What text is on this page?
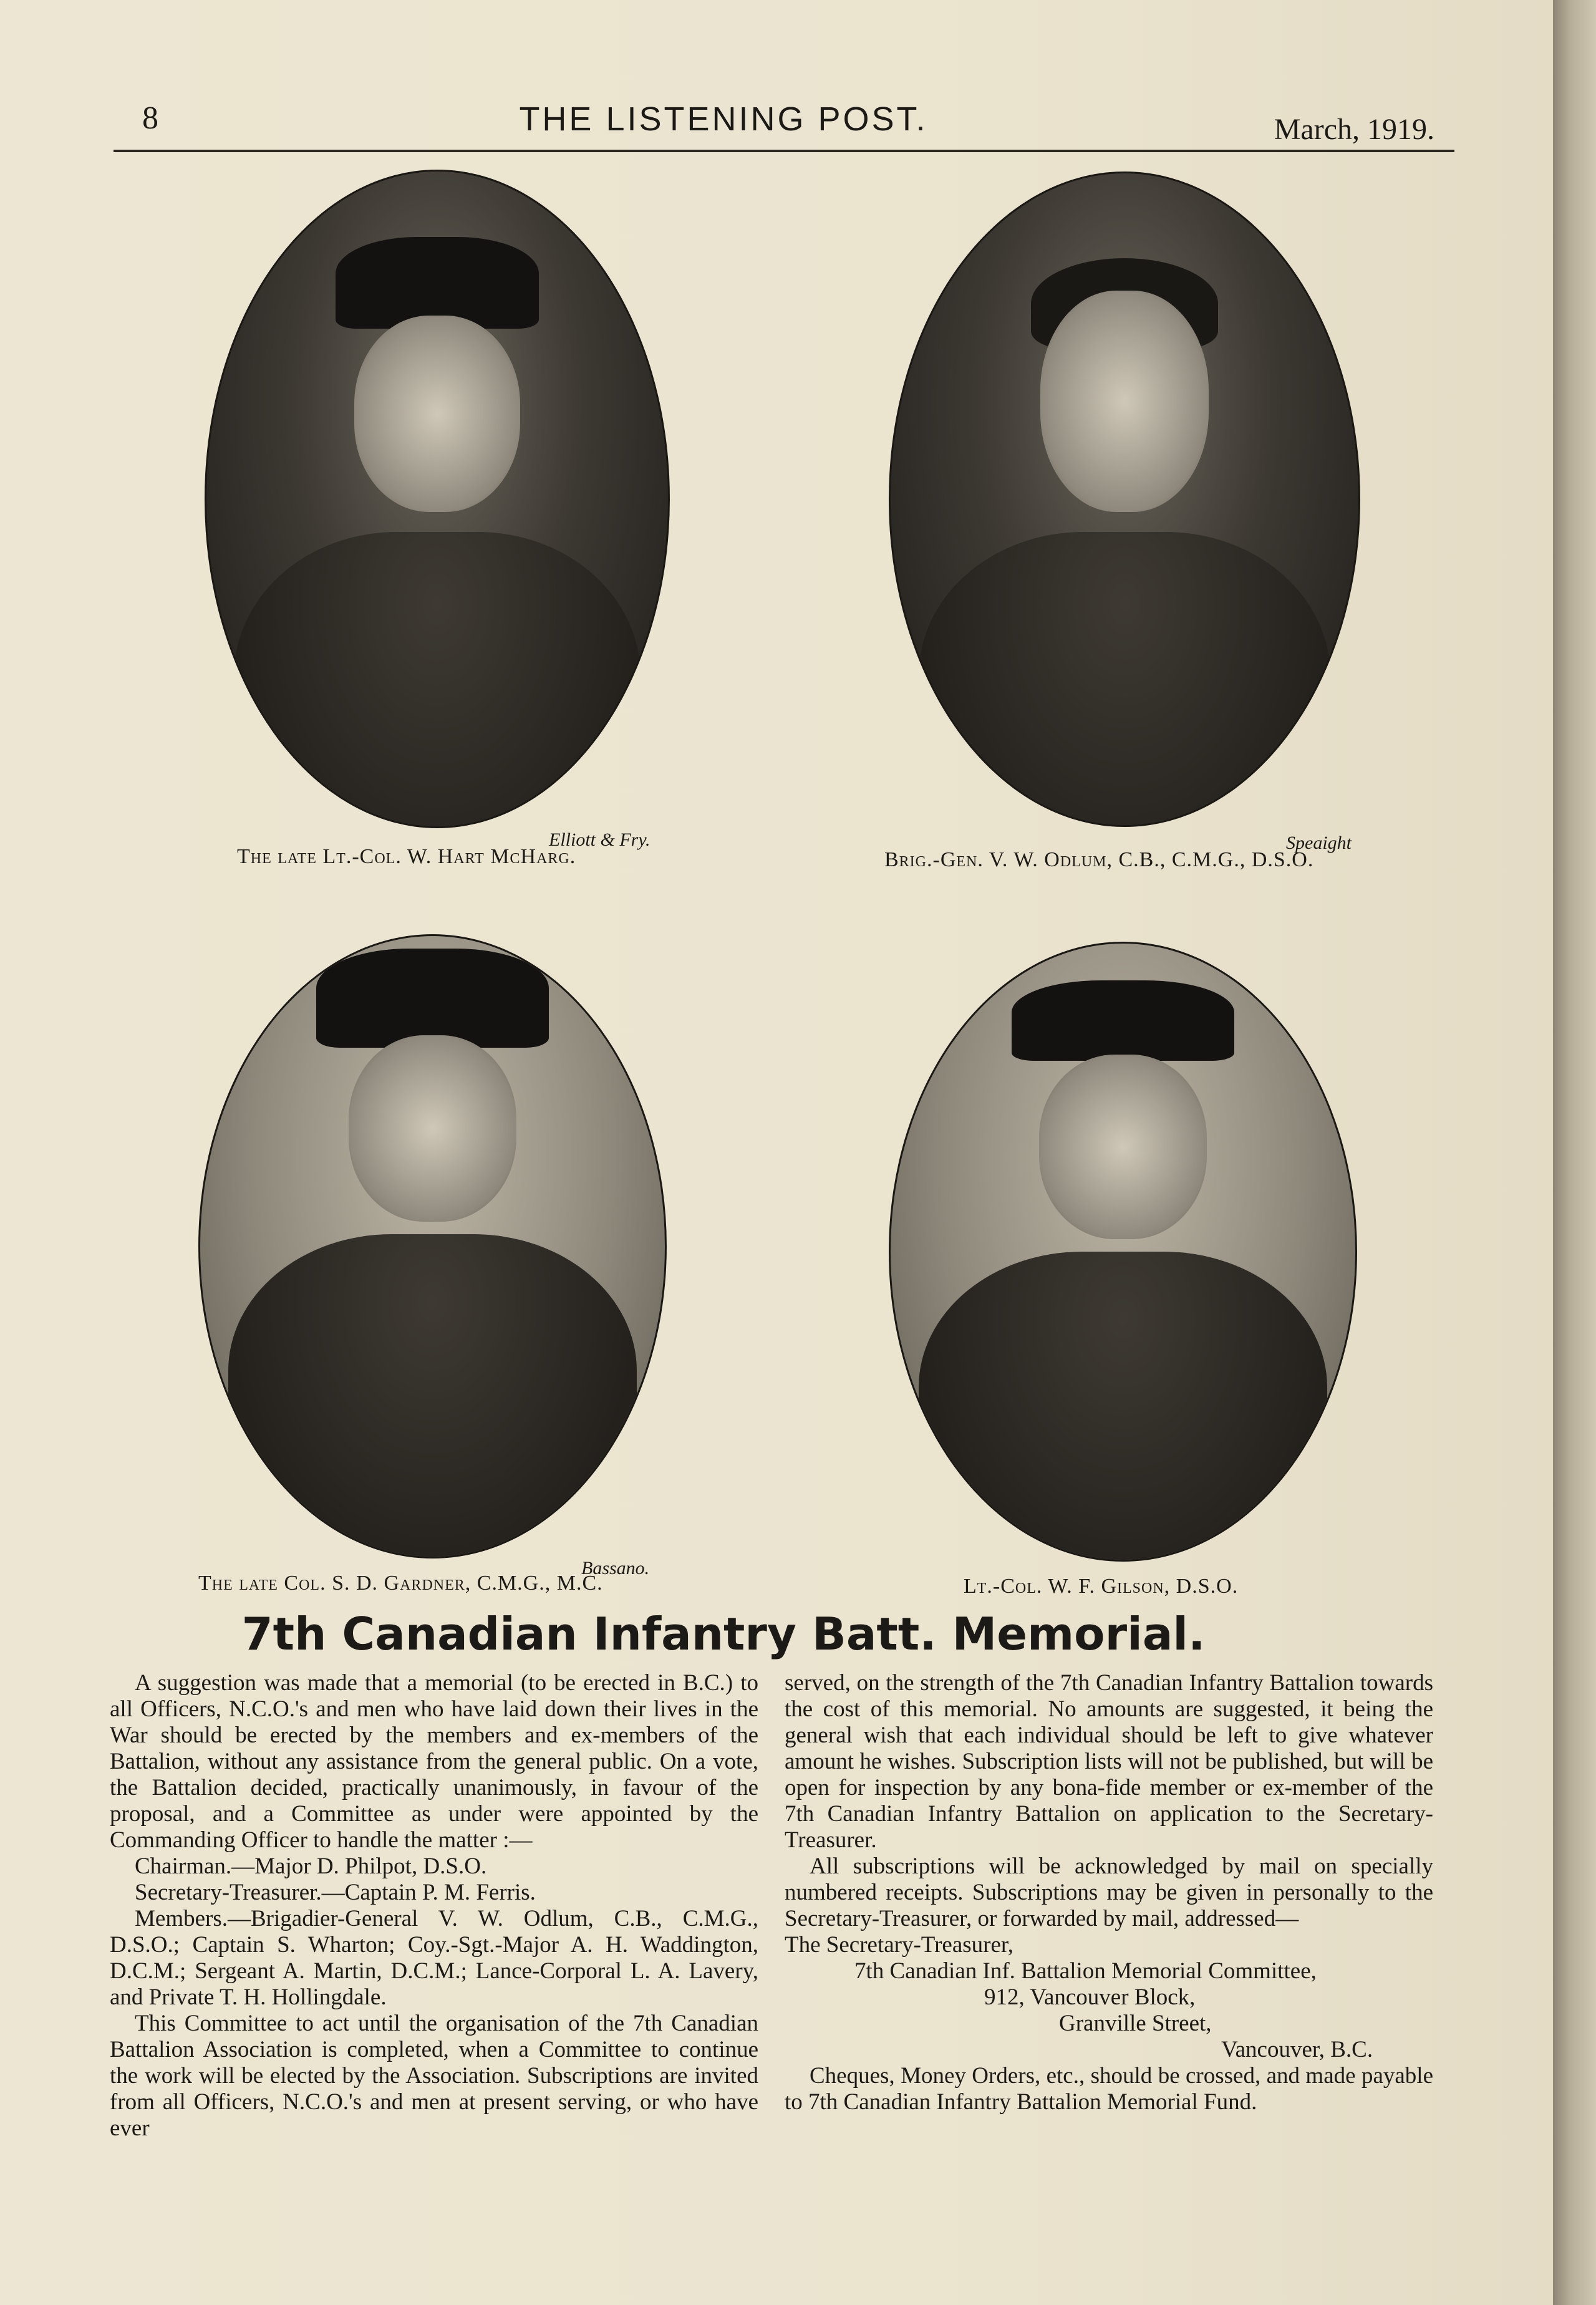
8	THE LISTENING POST.	March, 1919.
Elliott & Fry.
The late Lt.-Col. W. Hart McHarg.
Speaight
Brig.-Gen. V. W. Odlum, C.B., C.M.G., D.S.O.
Bassano.
The late Col. S. D. Gardner, C.M.G., M.C.	Lt.-Col. W. F. Gilson, D.S.O.
7th Canadian Infantry Batt. Memorial.

A suggestion was made that a memorial (to be erected in B.C.) to all Officers, N.C.O.'s and men who have laid down their lives in the War should be erected by the members and ex-members of the Battalion, without any assistance from the general public. On a vote, the Battalion decided, practically unanimously, in favour of the proposal, and a Committee as under were appointed by the Commanding Officer to handle the matter :—

Chairman.—Major D. Philpot, D.S.O.

Secretary-Treasurer.—Captain P. M. Ferris.

Members.—Brigadier-General V. W. Odlum, C.B., C.M.G., D.S.O.; Captain S. Wharton; Coy.-Sgt.-Major A. H. Waddington, D.C.M.; Sergeant A. Martin, D.C.M.; Lance-Corporal L. A. Lavery, and Private T. H. Hollingdale.

This Committee to act until the organisation of the 7th Canadian Battalion Association is completed, when a Committee to continue the work will be elected by the Association. Subscriptions are invited from all Officers, N.C.O.'s and men at present serving, or who have ever

served, on the strength of the 7th Canadian Infantry Battalion towards the cost of this memorial. No amounts are suggested, it being the general wish that each individual should be left to give whatever amount he wishes. Subscription lists will not be published, but will be open for inspection by any bona-fide member or ex-member of the 7th Canadian Infantry Battalion on application to the Secretary-Treasurer.

All subscriptions will be acknowledged by mail on specially numbered receipts. Subscriptions may be given in personally to the Secretary-Treasurer, or forwarded by mail, addressed—

The Secretary-Treasurer,

7th Canadian Inf. Battalion Memorial Committee,

912, Vancouver Block,

Granville Street,

Vancouver, B.C.

Cheques, Money Orders, etc., should be crossed, and made payable to 7th Canadian Infantry Battalion Memorial Fund.
